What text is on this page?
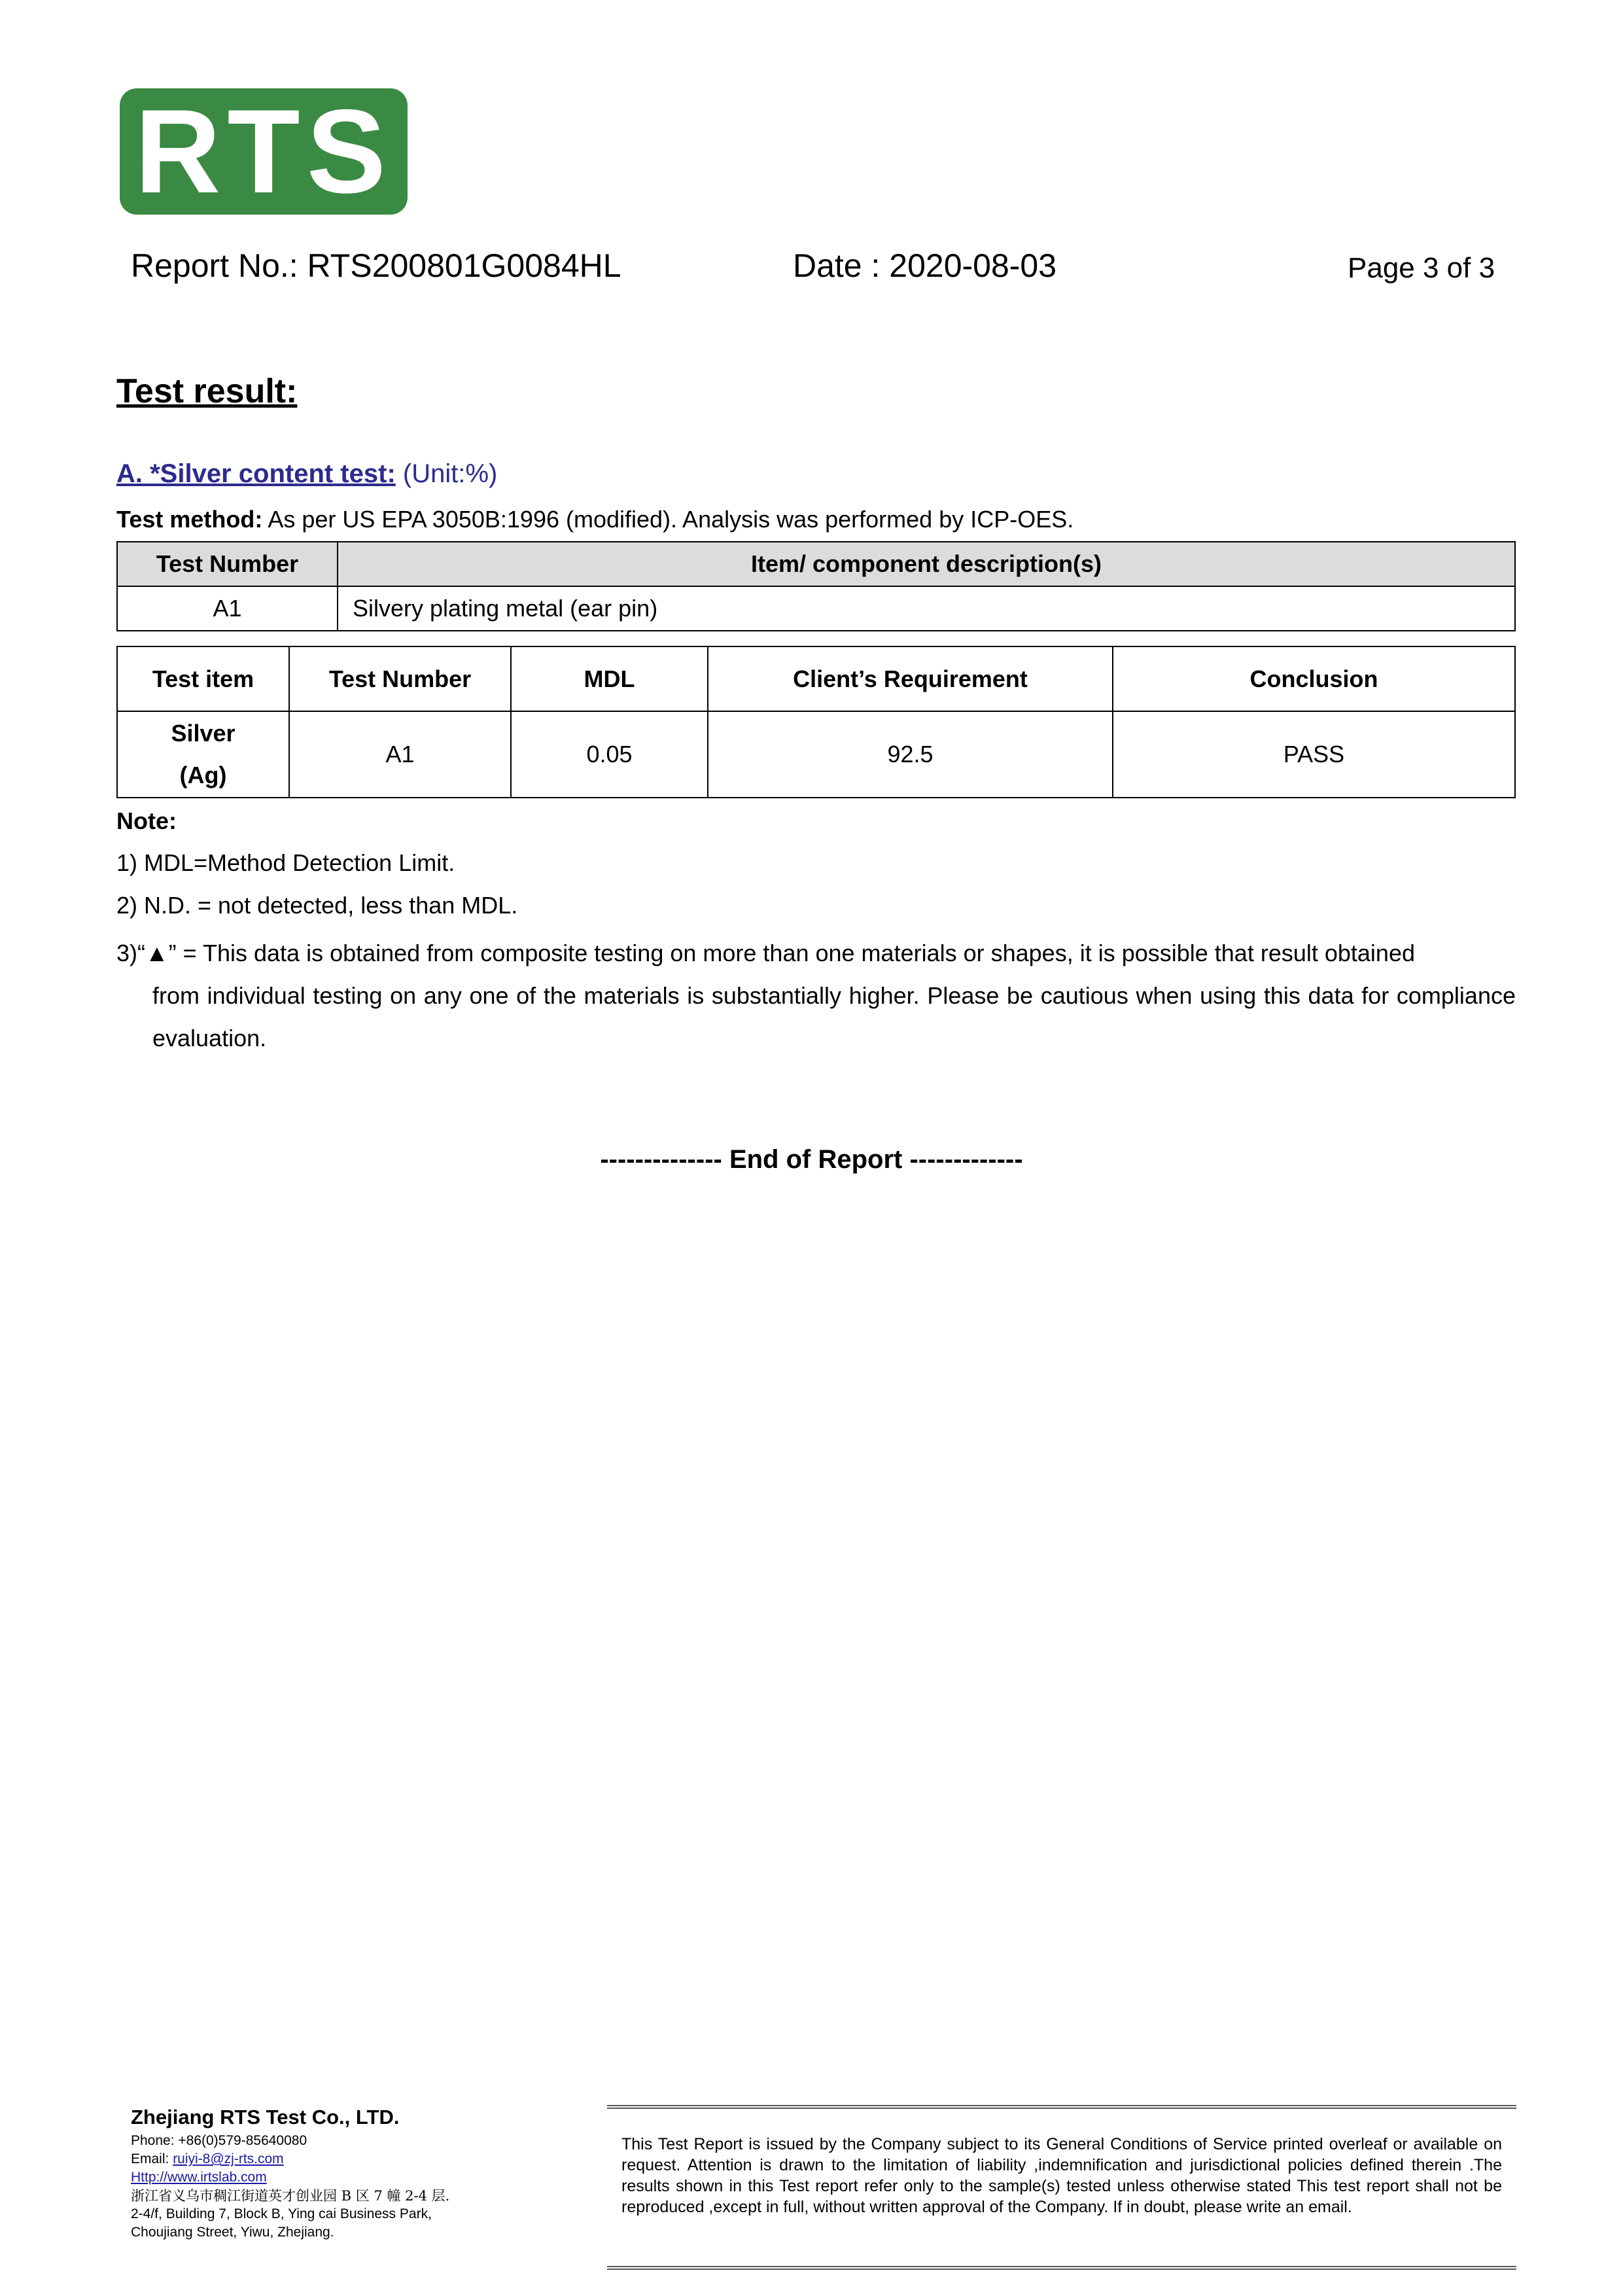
RTS
Report No.: RTS200801G0084HL	Date : 2020-08-03	Page 3 of 3
Test result:
A. *Silver content test: (Unit:%)
Test method: As per US EPA 3050B:1996 (modified). Analysis was performed by ICP-OES.
Test Number	Item/ component description(s)
A1	Silvery plating metal (ear pin)
Test item	Test Number	MDL	Client’s Requirement	Conclusion
Silver
(Ag)	A1	0.05	92.5	PASS
Note:
1) MDL=Method Detection Limit.
2) N.D. = not detected, less than MDL.
3)“▲” = This data is obtained from composite testing on more than one materials or shapes, it is possible that result obtained
from individual testing on any one of the materials is substantially higher. Please be cautious when using this data for compliance evaluation.
-------------- End of Report -------------
Zhejiang RTS Test Co., LTD.
Phone: +86(0)579-85640080
Email: ruiyi-8@zj-rts.com
Http://www.irtslab.com
浙江省义乌市稠江街道英才创业园 B 区 7 幢 2-4 层.
2-4/f, Building 7, Block B, Ying cai Business Park,
Choujiang Street, Yiwu, Zhejiang.
This Test Report is issued by the Company subject to its General Conditions of Service printed overleaf or available on request. Attention is drawn to the limitation of liability ,indemnification and jurisdictional policies defined therein .The results shown in this Test report refer only to the sample(s) tested unless otherwise stated This test report shall not be reproduced ,except in full, without written approval of the Company. If in doubt, please write an email.
